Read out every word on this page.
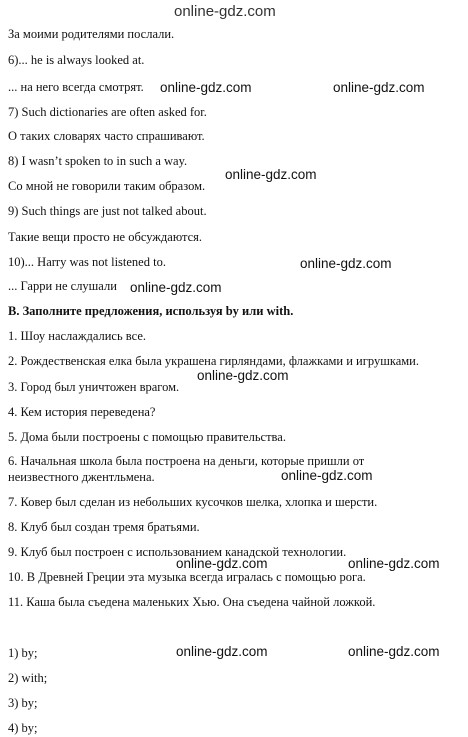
За моими родителями послали.
6)... he is always looked at.
... на него всегда смотрят.
7) Such dictionaries are often asked for.
О таких словарях часто спрашивают.
8) I wasn’t spoken to in such a way.
Со мной не говорили таким образом.
9) Such things are just not talked about.
Такие вещи просто не обсуждаются.
10)... Harry was not listened to.
... Гарри не слушали
В. Заполните предложения, используя by или with.
1. Шоу наслаждались все.
2. Рождественская елка была украшена гирляндами, флажками и игрушками.
3. Город был уничтожен врагом.
4. Кем история переведена?
5. Дома были построены с помощью правительства.
6. Начальная школа была построена на деньги, которые пришли от
неизвестного джентльмена.
7. Ковер был сделан из небольших кусочков шелка, хлопка и шерсти.
8. Клуб был создан тремя братьями.
9. Клуб был построен с использованием канадской технологии.
10. В Древней Греции эта музыка всегда игралась с помощью рога.
11. Каша была съедена маленьких Хью. Она съедена чайной ложкой.
1) by;
2) with;
3) by;
4) by;
online-gdz.com
online-gdz.com	online-gdz.com
online-gdz.com
online-gdz.com
online-gdz.com
online-gdz.com
online-gdz.com
online-gdz.com	online-gdz.com
online-gdz.com	online-gdz.com
